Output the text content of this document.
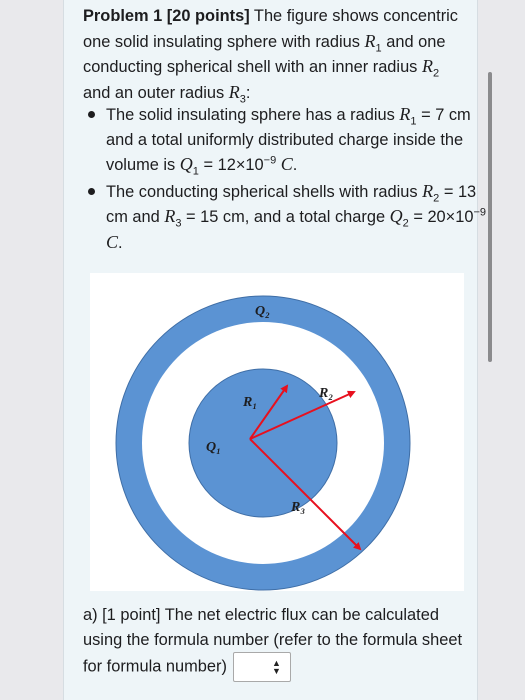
Problem 1 [20 points] The figure shows concentric one solid insulating sphere with radius $R_1$ and one conducting spherical shell with an inner radius $R_2$ and an outer radius $R_3$:
The solid insulating sphere has a radius $R_1 = 7$ cm and a total uniformly distributed charge inside the volume is $Q_1 = 12\times 10^{-9}$ C.
The conducting spherical shells with radius $R_2 = 13$ cm and $R_3 = 15$ cm, and a total charge $Q_2 = 20\times 10^{-9}$ C.
Q₂
R₁
R₂
Q₁
R₃
a) [1 point] The net electric flux can be calculated using the formula number (refer to the formula sheet for formula number)	▲
▼
